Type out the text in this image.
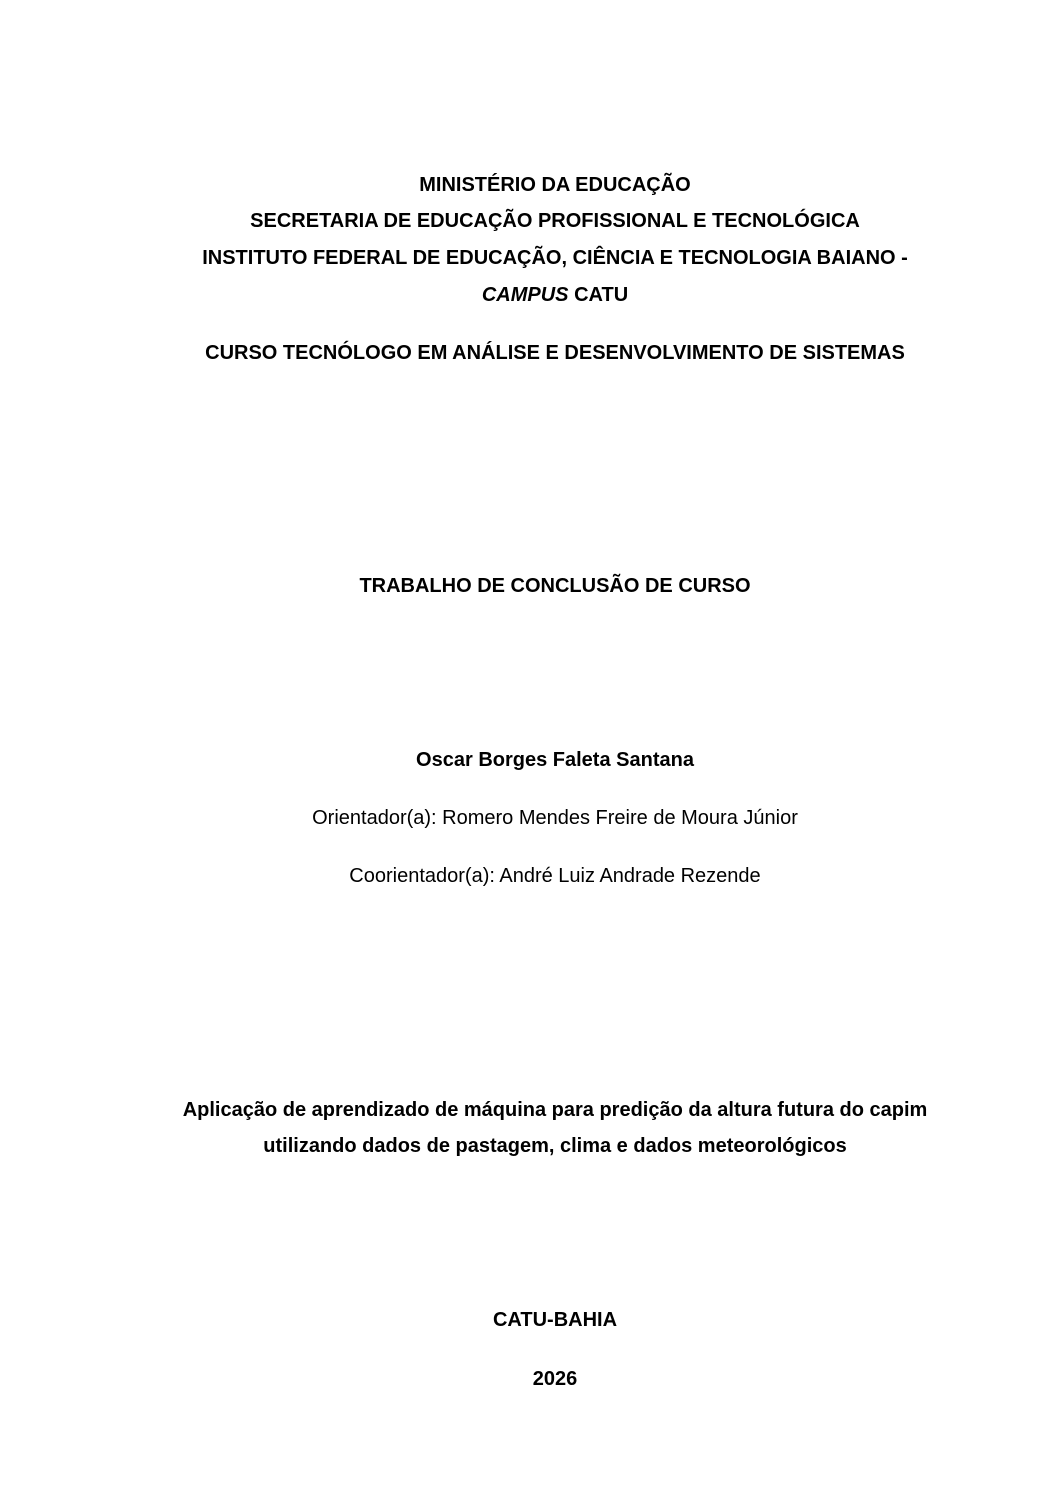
MINISTÉRIO DA EDUCAÇÃO
SECRETARIA DE EDUCAÇÃO PROFISSIONAL E TECNOLÓGICA
INSTITUTO FEDERAL DE EDUCAÇÃO, CIÊNCIA E TECNOLOGIA BAIANO -
CAMPUS CATU
CURSO TECNÓLOGO EM ANÁLISE E DESENVOLVIMENTO DE SISTEMAS
TRABALHO DE CONCLUSÃO DE CURSO
Oscar Borges Faleta Santana
Orientador(a): Romero Mendes Freire de Moura Júnior
Coorientador(a): André Luiz Andrade Rezende
Aplicação de aprendizado de máquina para predição da altura futura do capim
utilizando dados de pastagem, clima e dados meteorológicos
CATU-BAHIA
2026
